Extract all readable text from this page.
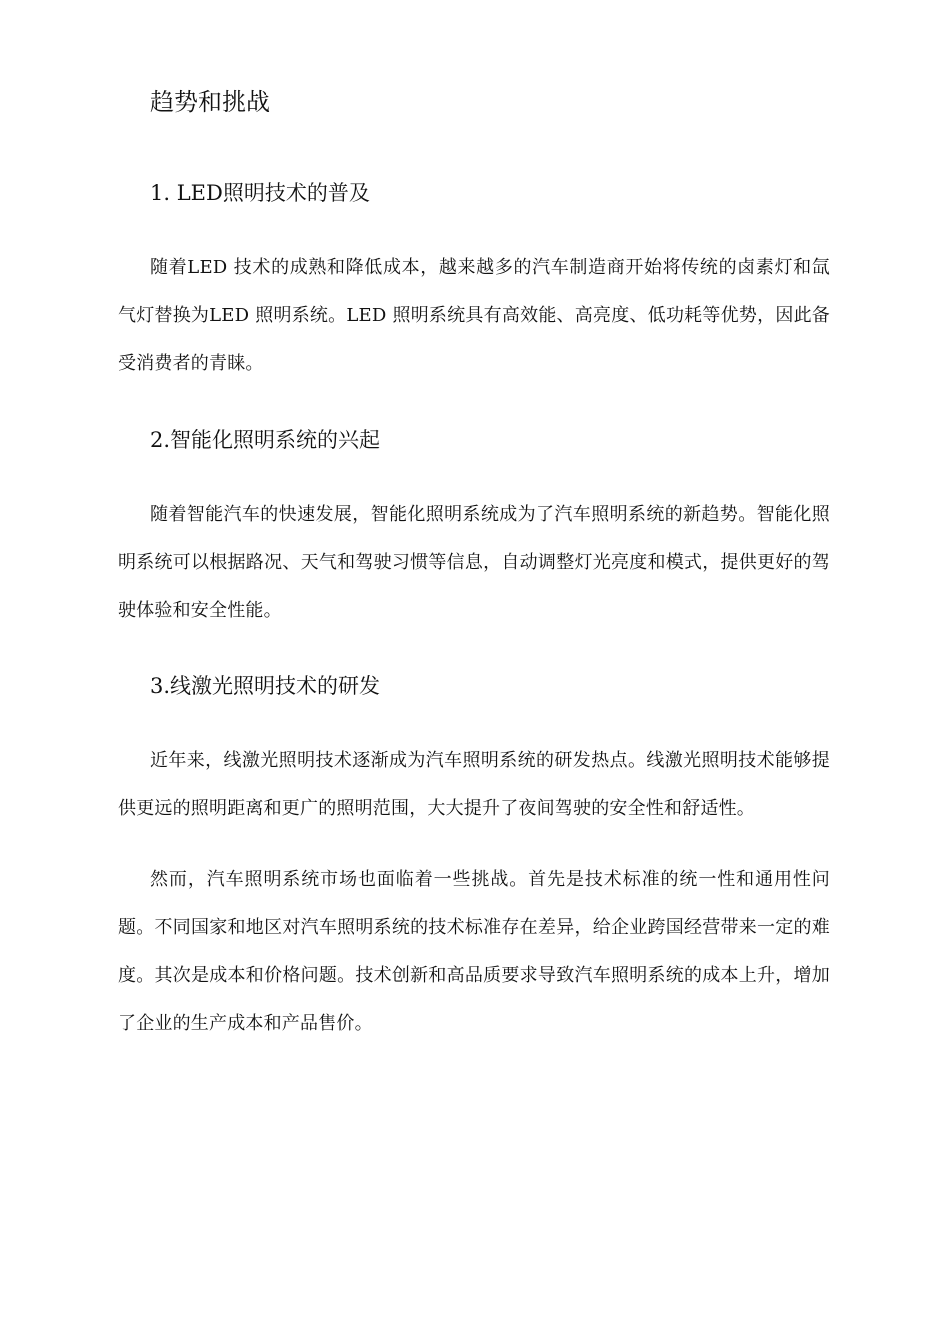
趋势和挑战
1. LED照明技术的普及

随着LED 技术的成熟和降低成本，越来越多的汽车制造商开始将传统的卤素灯和氙气灯替换为LED 照明系统。LED 照明系统具有高效能、高亮度、低功耗等优势，因此备受消费者的青睐。

2.智能化照明系统的兴起

随着智能汽车的快速发展，智能化照明系统成为了汽车照明系统的新趋势。智能化照明系统可以根据路况、天气和驾驶习惯等信息，自动调整灯光亮度和模式，提供更好的驾驶体验和安全性能。

3.线激光照明技术的研发

近年来，线激光照明技术逐渐成为汽车照明系统的研发热点。线激光照明技术能够提供更远的照明距离和更广的照明范围，大大提升了夜间驾驶的安全性和舒适性。

然而，汽车照明系统市场也面临着一些挑战。首先是技术标准的统一性和通用性问题。不同国家和地区对汽车照明系统的技术标准存在差异，给企业跨国经营带来一定的难度。其次是成本和价格问题。技术创新和高品质要求导致汽车照明系统的成本上升，增加了企业的生产成本和产品售价。
